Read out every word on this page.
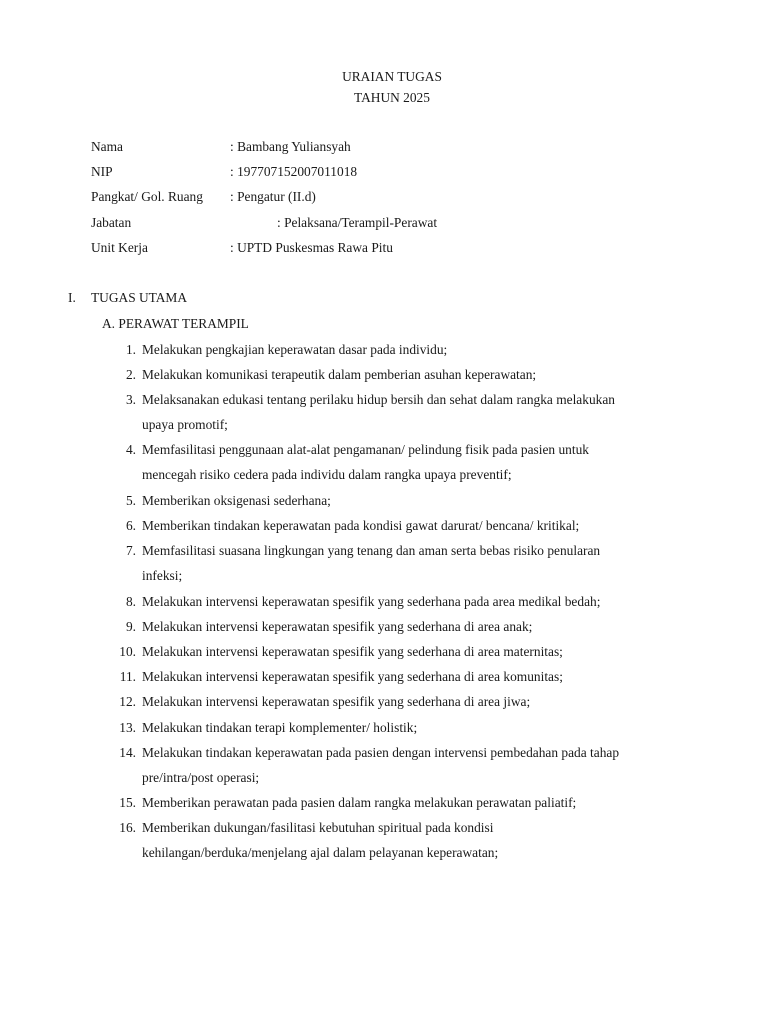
URAIAN TUGAS
TAHUN 2025
Nama	: Bambang Yuliansyah
NIP	: 197707152007011018
Pangkat/ Gol. Ruang : Pengatur (II.d)
Jabatan	: Pelaksana/Terampil-Perawat
Unit Kerja	: UPTD Puskesmas Rawa Pitu
I. TUGAS UTAMA
A. PERAWAT TERAMPIL
1. Melakukan pengkajian keperawatan dasar pada individu;
2. Melakukan komunikasi terapeutik dalam pemberian asuhan keperawatan;
3. Melaksanakan edukasi tentang perilaku hidup bersih dan sehat dalam rangka melakukan
upaya promotif;
4. Memfasilitasi penggunaan alat-alat pengamanan/ pelindung fisik pada pasien untuk
mencegah risiko cedera pada individu dalam rangka upaya preventif;
5. Memberikan oksigenasi sederhana;
6. Memberikan tindakan keperawatan pada kondisi gawat darurat/ bencana/ kritikal;
7. Memfasilitasi suasana lingkungan yang tenang dan aman serta bebas risiko penularan
infeksi;
8. Melakukan intervensi keperawatan spesifik yang sederhana pada area medikal bedah;
9. Melakukan intervensi keperawatan spesifik yang sederhana di area anak;
10. Melakukan intervensi keperawatan spesifik yang sederhana di area maternitas;
11. Melakukan intervensi keperawatan spesifik yang sederhana di area komunitas;
12. Melakukan intervensi keperawatan spesifik yang sederhana di area jiwa;
13. Melakukan tindakan terapi komplementer/ holistik;
14. Melakukan tindakan keperawatan pada pasien dengan intervensi pembedahan pada tahap
pre/intra/post operasi;
15. Memberikan perawatan pada pasien dalam rangka melakukan perawatan paliatif;
16. Memberikan dukungan/fasilitasi kebutuhan spiritual pada kondisi
kehilangan/berduka/menjelang ajal dalam pelayanan keperawatan;
